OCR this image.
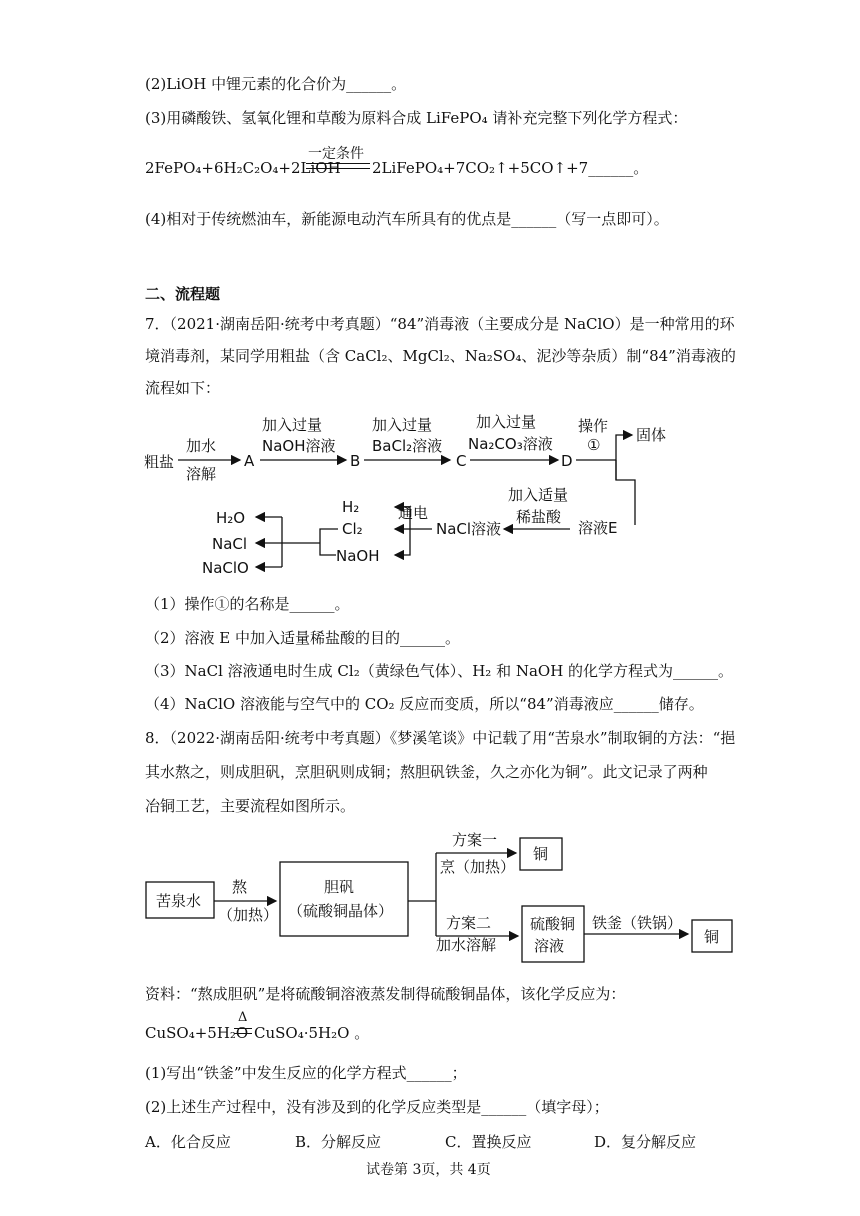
(2)LiOH 中锂元素的化合价为______。
(3)用磷酸铁、氢氧化锂和草酸为原料合成 LiFePO₄ 请补充完整下列化学方程式：
2FePO₄+6H₂C₂O₄+2LiOH
一定条件
2LiFePO₄+7CO₂↑+5CO↑+7______。
(4)相对于传统燃油车，新能源电动汽车所具有的优点是______（写一点即可）。
二、流程题
7．（2021·湖南岳阳·统考中考真题）“84”消毒液（主要成分是 NaClO）是一种常用的环
境消毒剂，某同学用粗盐（含 CaCl₂、MgCl₂、Na₂SO₄、泥沙等杂质）制“84”消毒液的
流程如下：
粗盐
加水
溶解
A
加入过量
NaOH溶液
B
加入过量
BaCl₂溶液
C
加入过量
Na₂CO₃溶液
D
操作
①
固体
溶液E
加入适量
稀盐酸
NaCl溶液
通电
H₂
Cl₂
NaOH
H₂O
NaCl
NaClO
（1）操作①的名称是______。
（2）溶液 E 中加入适量稀盐酸的目的______。
（3）NaCl 溶液通电时生成 Cl₂（黄绿色气体）、H₂ 和 NaOH 的化学方程式为______。
（4）NaClO 溶液能与空气中的 CO₂ 反应而变质，所以“84”消毒液应______储存。
8．（2022·湖南岳阳·统考中考真题）《梦溪笔谈》中记载了用“苦泉水”制取铜的方法：“挹
其水熬之，则成胆矾，烹胆矾则成铜；熬胆矾铁釜，久之亦化为铜”。此文记录了两种
冶铜工艺，主要流程如图所示。
苦泉水
熬
（加热）
胆矾
（硫酸铜晶体）
方案一
烹（加热）
铜
方案二
加水溶解
硫酸铜
溶液
铁釜（铁锅）
铜
资料：“熬成胆矾”是将硫酸铜溶液蒸发制得硫酸铜晶体，该化学反应为：
CuSO₄+5H₂O
Δ
CuSO₄·5H₂O 。
(1)写出“铁釜”中发生反应的化学方程式______；
(2)上述生产过程中，没有涉及到的化学反应类型是______（填字母）；
A．化合反应	B．分解反应	C．置换反应	D．复分解反应
试卷第 3页，共 4页
